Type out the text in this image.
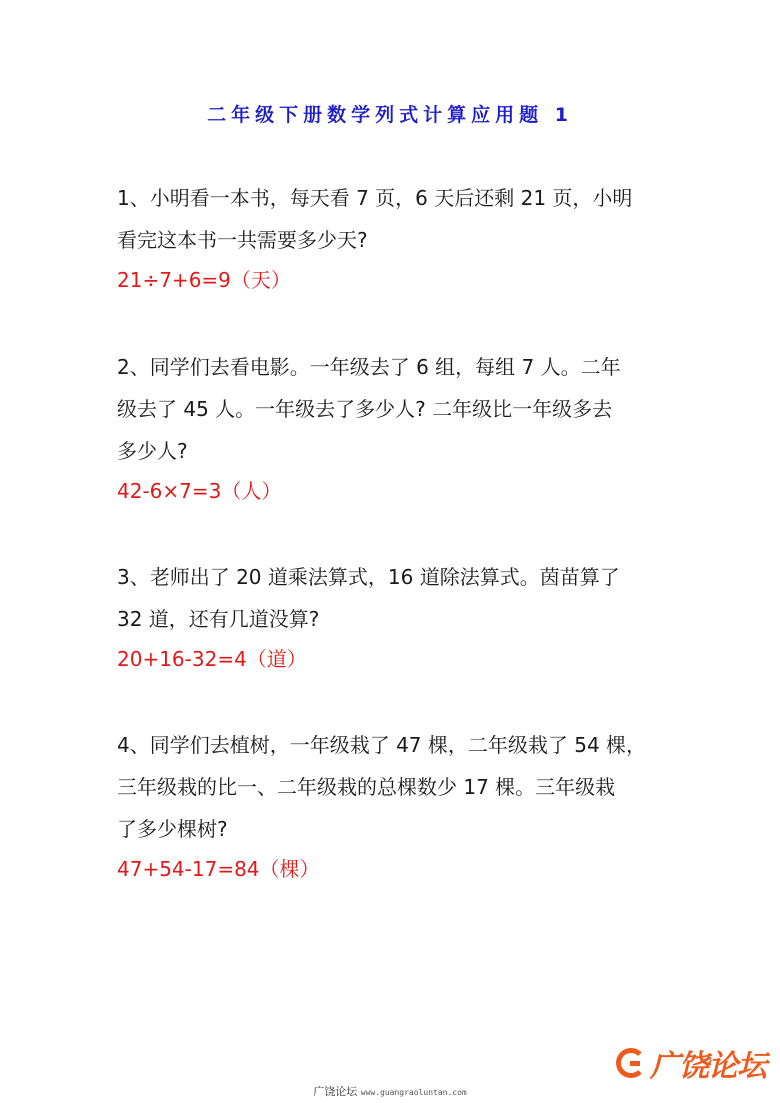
二年级下册数学列式计算应用题 1

1、小明看一本书，每天看 7 页，6 天后还剩 21 页，小明
看完这本书一共需要多少天?

21÷7+6=9（天）

2、同学们去看电影。一年级去了 6 组，每组 7 人。二年
级去了 45 人。一年级去了多少人? 二年级比一年级多去
多少人?

42-6×7=3（人）

3、老师出了 20 道乘法算式，16 道除法算式。茵苗算了
32 道，还有几道没算?

20+16-32=4（道）

4、同学们去植树，一年级栽了 47 棵，二年级栽了 54 棵，
三年级栽的比一、二年级栽的总棵数少 17 棵。三年级栽
了多少棵树?

47+54-17=84（棵）

广饶论坛
广饶论坛 www.guangraoluntan.com
